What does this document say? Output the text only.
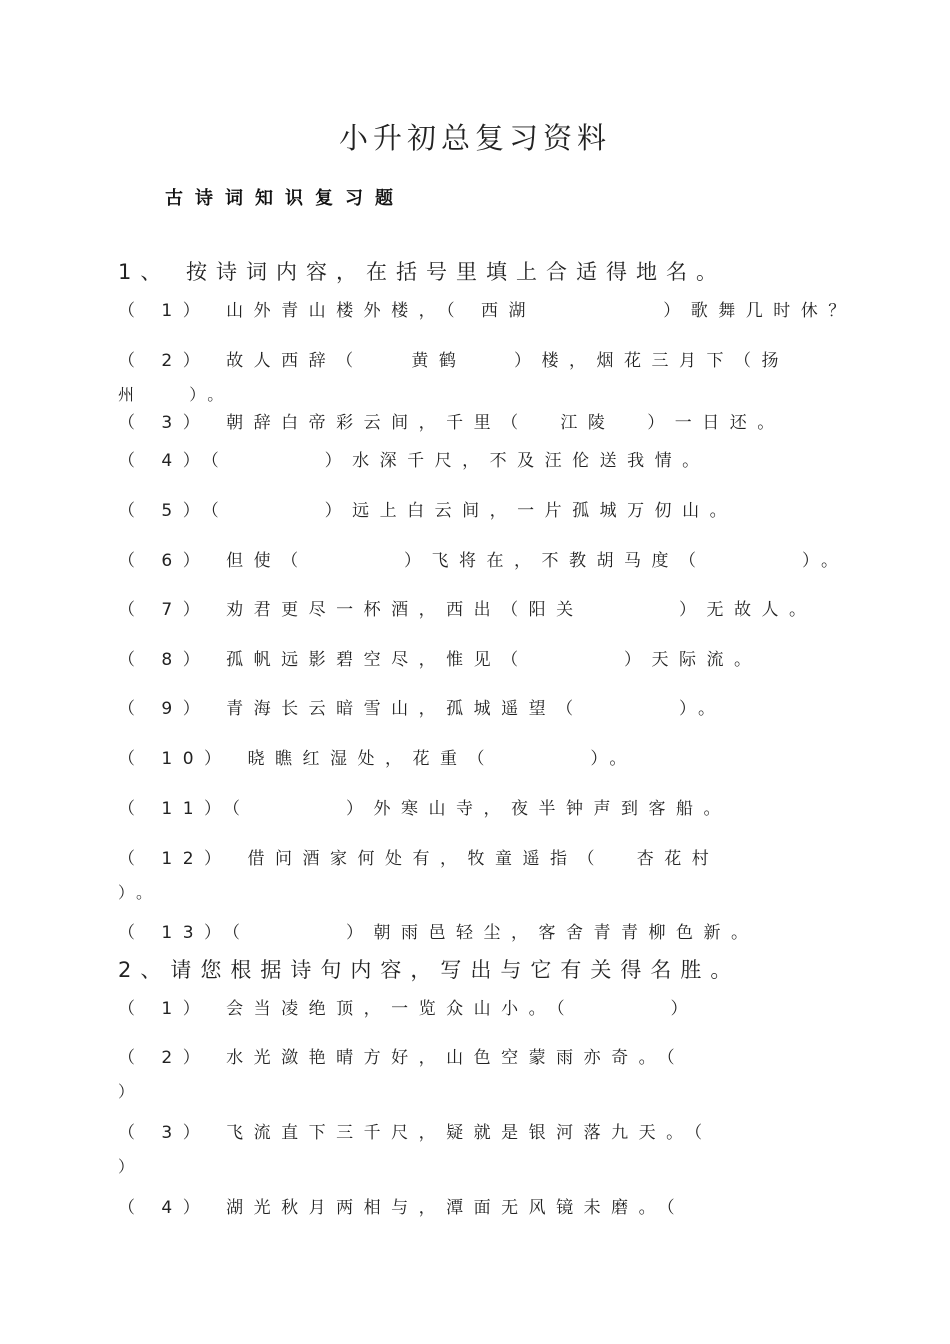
小升初总复习资料
古诗词知识复习题
1、 按诗词内容，在括号里填上合适得地名。
（ 1） 山外青山楼外楼，（ 西湖        ）歌舞几时休？
（ 2） 故人西辞（   黄鹤   ）楼，烟花三月下（扬
州   ）。
（ 3） 朝辞白帝彩云间，千里（  江陵  ）一日还。
（ 4）（      ）水深千尺，不及汪伦送我情。
（ 5）（      ）远上白云间，一片孤城万仞山。
（ 6） 但使（      ）飞将在，不教胡马度（      ）。
（ 7） 劝君更尽一杯酒，西出（阳关      ）无故人。
（ 8） 孤帆远影碧空尽，惟见（      ）天际流。
（ 9） 青海长云暗雪山，孤城遥望（      ）。
（ 10） 晓瞧红湿处，花重（      ）。
（ 11）（      ）外寒山寺，夜半钟声到客船。
（ 12） 借问酒家何处有，牧童遥指（  杏花村
）。
（ 13）（      ）朝雨邑轻尘，客舍青青柳色新。
2、请您根据诗句内容，写出与它有关得名胜。
（ 1） 会当凌绝顶，一览众山小。（      ）
（ 2） 水光潋艳晴方好，山色空蒙雨亦奇。（
）
（ 3） 飞流直下三千尺，疑就是银河落九天。（
）
（ 4） 湖光秋月两相与，潭面无风镜未磨。（
